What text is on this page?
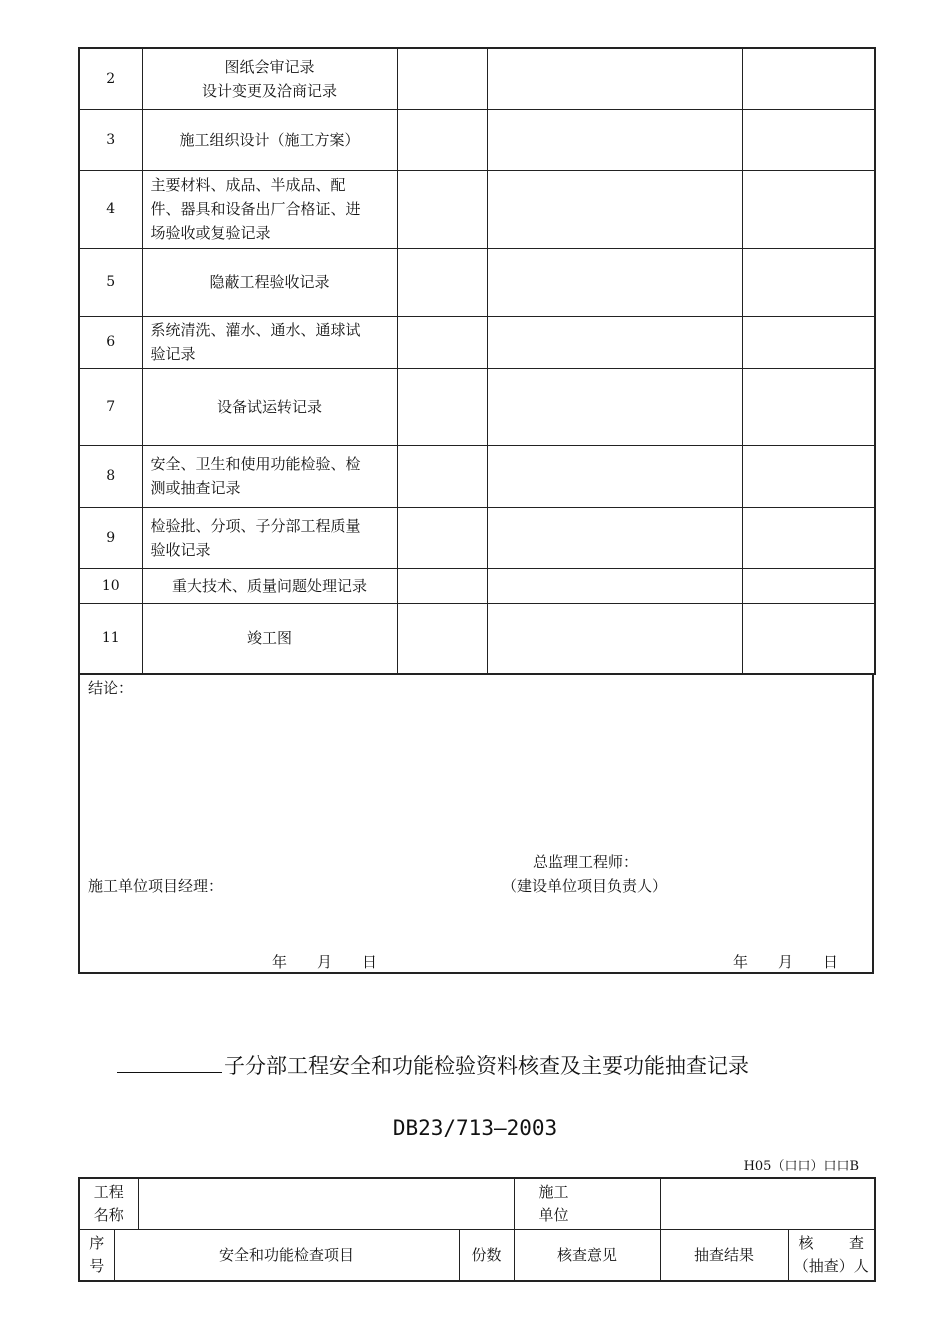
2	图纸会审记录
设计变更及洽商记录			

3	施工组织设计（施工方案）			

4	主要材料、成品、半成品、配
件、器具和设备出厂合格证、进
场验收或复验记录			

5	隐蔽工程验收记录			

6	系统清洗、灌水、通水、通球试
验记录			

7	设备试运转记录			

8	安全、卫生和使用功能检验、检
测或抽查记录			

9	检验批、分项、子分部工程质量
验收记录			

10	重大技术、质量问题处理记录			

11	竣工图			

结论：
总监理工程师：
施工单位项目经理：	（建设单位项目负责人）
年　　月　　日	年　　月　　日
子分部工程安全和功能检验资料核查及主要功能抽查记录
DB23/713—2003
H05（口口）口口B
工程名称				施工单位		

序号	安全和功能检查项目		份数	核查意见	抽查结果	核查
（抽查）人
